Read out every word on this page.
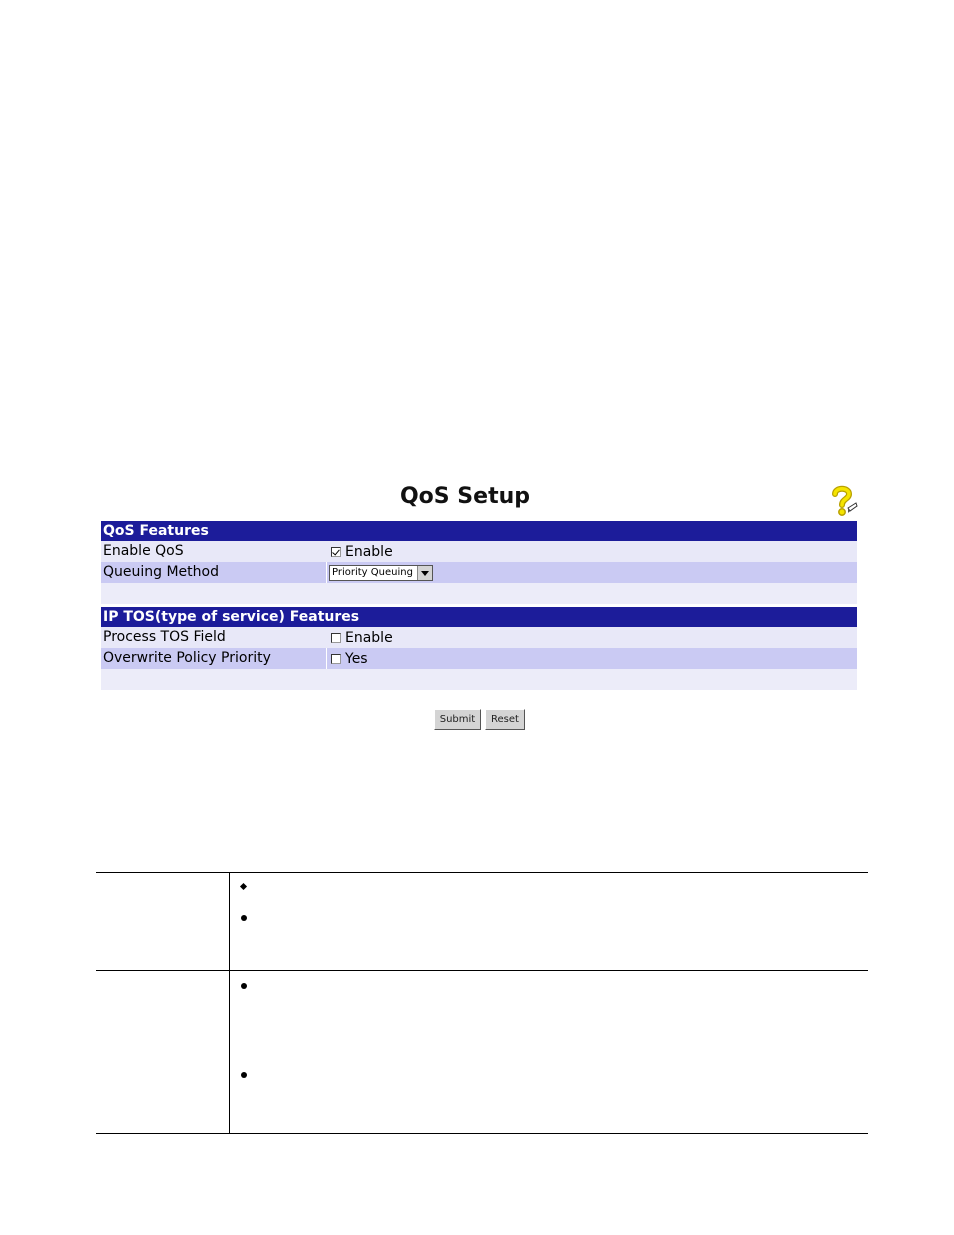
QoS Setup
QoS Features
Enable QoS	Enable
Queuing Method	Priority Queuing
IP TOS(type of service) Features
Process TOS Field	Enable
Overwrite Policy Priority	Yes
Submit	Reset
